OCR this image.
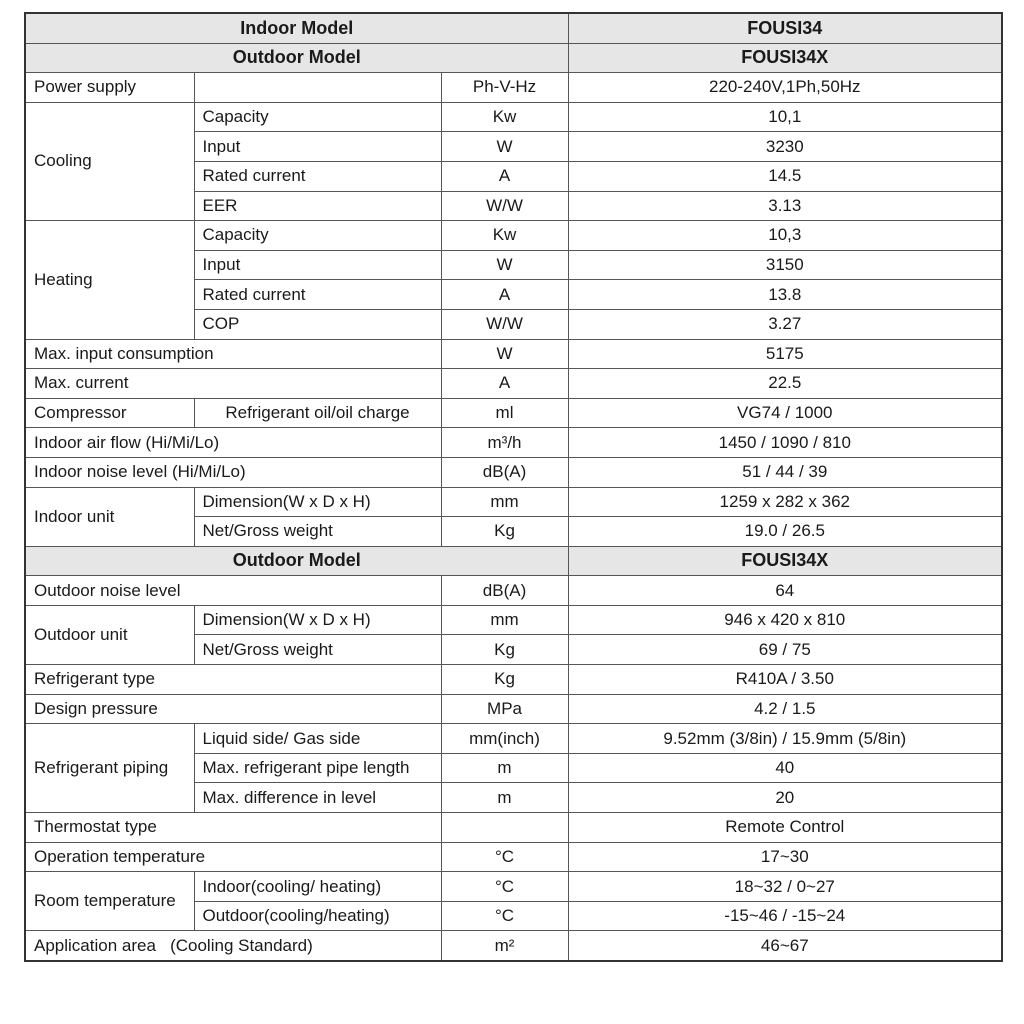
Indoor Model			FOUSI34
Outdoor Model			FOUSI34X
Power supply		Ph-V-Hz	220-240V,1Ph,50Hz
Cooling	Capacity	Kw	10,1
	Input	W	3230
	Rated current	A	14.5
	EER	W/W	3.13
Heating	Capacity	Kw	10,3
	Input	W	3150
	Rated current	A	13.8
	COP	W/W	3.27
Max. input consumption		W	5175
Max. current		A	22.5
Compressor	Refrigerant oil/oil charge	ml	VG74 / 1000
Indoor air flow (Hi/Mi/Lo)		m³/h	1450 / 1090 / 810
Indoor noise level (Hi/Mi/Lo)		dB(A)	51 / 44 / 39
Indoor unit	Dimension(W x D x H)	mm	1259 x 282 x 362
	Net/Gross weight	Kg	19.0 / 26.5
Outdoor Model			FOUSI34X
Outdoor noise level		dB(A)	64
Outdoor unit	Dimension(W x D x H)	mm	946 x 420 x 810
	Net/Gross weight	Kg	69 / 75
Refrigerant type		Kg	R410A / 3.50
Design pressure		MPa	4.2 / 1.5
Refrigerant piping	Liquid side/ Gas side	mm(inch)	9.52mm (3/8in) / 15.9mm (5/8in)
	Max. refrigerant pipe length	m	40
	Max. difference in level	m	20
Thermostat type			Remote Control
Operation temperature		°C	17~30
Room temperature	Indoor(cooling/ heating)	°C	18~32 / 0~27
	Outdoor(cooling/heating)	°C	-15~46 / -15~24
Application area   (Cooling Standard)		m²	46~67
